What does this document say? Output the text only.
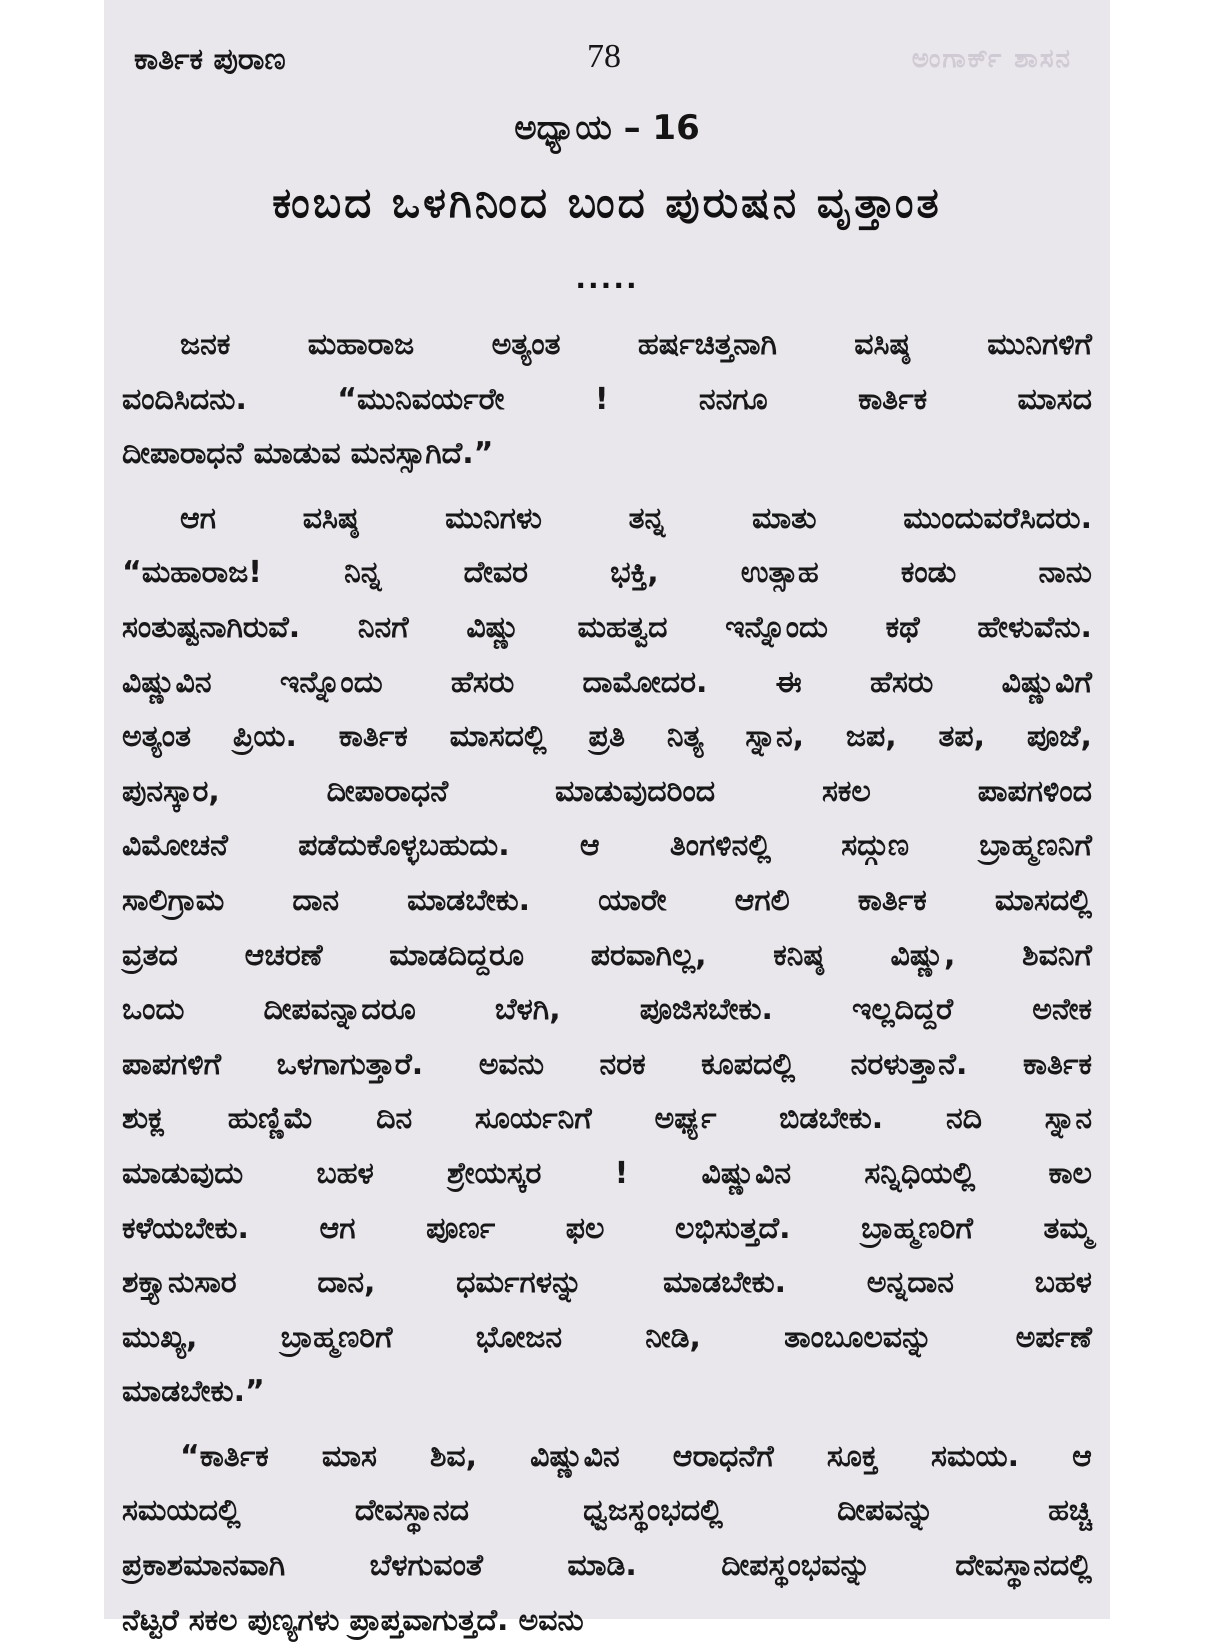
ಅಂಗಾರ್ಕ್ ಶಾಸನ
ಕಾರ್ತಿಕ ಪುರಾಣ	78
ಅಧ್ಯಾಯ – 16
ಕಂಬದ ಒಳಗಿನಿಂದ ಬಂದ ಪುರುಷನ ವೃತ್ತಾಂತ
.....
ಜನಕ	ಮಹಾರಾಜ	ಅತ್ಯಂತ	ಹರ್ಷಚಿತ್ತನಾಗಿ	ವಸಿಷ್ಠ	ಮುನಿಗಳಿಗೆ
ವಂದಿಸಿದನು.	“ಮುನಿವರ್ಯರೇ	!	ನನಗೂ	ಕಾರ್ತಿಕ	ಮಾಸದ
ದೀಪಾರಾಧನೆ ಮಾಡುವ ಮನಸ್ಸಾಗಿದೆ.”
ಆಗ	ವಸಿಷ್ಠ	ಮುನಿಗಳು	ತನ್ನ	ಮಾತು	ಮುಂದುವರೆಸಿದರು.
“ಮಹಾರಾಜ!	ನಿನ್ನ	ದೇವರ	ಭಕ್ತಿ,	ಉತ್ಸಾಹ	ಕಂಡು	ನಾನು
ಸಂತುಷ್ಟನಾಗಿರುವೆ. ನಿನಗೆ ವಿಷ್ಣು ಮಹತ್ವದ ಇನ್ನೊಂದು ಕಥೆ ಹೇಳುವೆನು.
ವಿಷ್ಣುವಿನ ಇನ್ನೊಂದು ಹೆಸರು ದಾಮೋದರ. ಈ ಹೆಸರು ವಿಷ್ಣುವಿಗೆ
ಅತ್ಯಂತ ಪ್ರಿಯ. ಕಾರ್ತಿಕ ಮಾಸದಲ್ಲಿ ಪ್ರತಿ ನಿತ್ಯ ಸ್ನಾನ, ಜಪ, ತಪ, ಪೂಜೆ,
ಪುನಸ್ಕಾರ,	ದೀಪಾರಾಧನೆ	ಮಾಡುವುದರಿಂದ	ಸಕಲ	ಪಾಪಗಳಿಂದ
ವಿಮೋಚನೆ ಪಡೆದುಕೊಳ್ಳಬಹುದು. ಆ ತಿಂಗಳಿನಲ್ಲಿ ಸದ್ಗುಣ ಬ್ರಾಹ್ಮಣನಿಗೆ
ಸಾಲಿಗ್ರಾಮ ದಾನ ಮಾಡಬೇಕು. ಯಾರೇ ಆಗಲಿ ಕಾರ್ತಿಕ ಮಾಸದಲ್ಲಿ
ವ್ರತದ ಆಚರಣೆ ಮಾಡದಿದ್ದರೂ ಪರವಾಗಿಲ್ಲ, ಕನಿಷ್ಠ ವಿಷ್ಣು, ಶಿವನಿಗೆ
ಒಂದು	ದೀಪವನ್ನಾದರೂ	ಬೆಳಗಿ,	ಪೂಜಿಸಬೇಕು.	ಇಲ್ಲದಿದ್ದರೆ	ಅನೇಕ
ಪಾಪಗಳಿಗೆ ಒಳಗಾಗುತ್ತಾರೆ. ಅವನು ನರಕ ಕೂಪದಲ್ಲಿ ನರಳುತ್ತಾನೆ. ಕಾರ್ತಿಕ
ಶುಕ್ಲ ಹುಣ್ಣಿಮೆ ದಿನ ಸೂರ್ಯನಿಗೆ ಅರ್ಘ್ಯ ಬಿಡಬೇಕು. ನದಿ ಸ್ನಾನ
ಮಾಡುವುದು ಬಹಳ ಶ್ರೇಯಸ್ಕರ ! ವಿಷ್ಣುವಿನ ಸನ್ನಿಧಿಯಲ್ಲಿ ಕಾಲ
ಕಳೆಯಬೇಕು. ಆಗ ಪೂರ್ಣ ಫಲ ಲಭಿಸುತ್ತದೆ. ಬ್ರಾಹ್ಮಣರಿಗೆ ತಮ್ಮ
ಶಕ್ತ್ಯಾನುಸಾರ	ದಾನ,	ಧರ್ಮಗಳನ್ನು	ಮಾಡಬೇಕು.	ಅನ್ನದಾನ	ಬಹಳ
ಮುಖ್ಯ,	ಬ್ರಾಹ್ಮಣರಿಗೆ	ಭೋಜನ	ನೀಡಿ,	ತಾಂಬೂಲವನ್ನು	ಅರ್ಪಣೆ
ಮಾಡಬೇಕು.”
“ಕಾರ್ತಿಕ ಮಾಸ ಶಿವ, ವಿಷ್ಣುವಿನ ಆರಾಧನೆಗೆ ಸೂಕ್ತ ಸಮಯ. ಆ
ಸಮಯದಲ್ಲಿ	ದೇವಸ್ಥಾನದ	ಧ್ವಜಸ್ಥಂಭದಲ್ಲಿ	ದೀಪವನ್ನು	ಹಚ್ಚಿ
ಪ್ರಕಾಶಮಾನವಾಗಿ	ಬೆಳಗುವಂತೆ	ಮಾಡಿ.	ದೀಪಸ್ಥಂಭವನ್ನು	ದೇವಸ್ಥಾನದಲ್ಲಿ
ನೆಟ್ಟರೆ ಸಕಲ ಪುಣ್ಯಗಳು ಪ್ರಾಪ್ತವಾಗುತ್ತದೆ. ಅವನು
